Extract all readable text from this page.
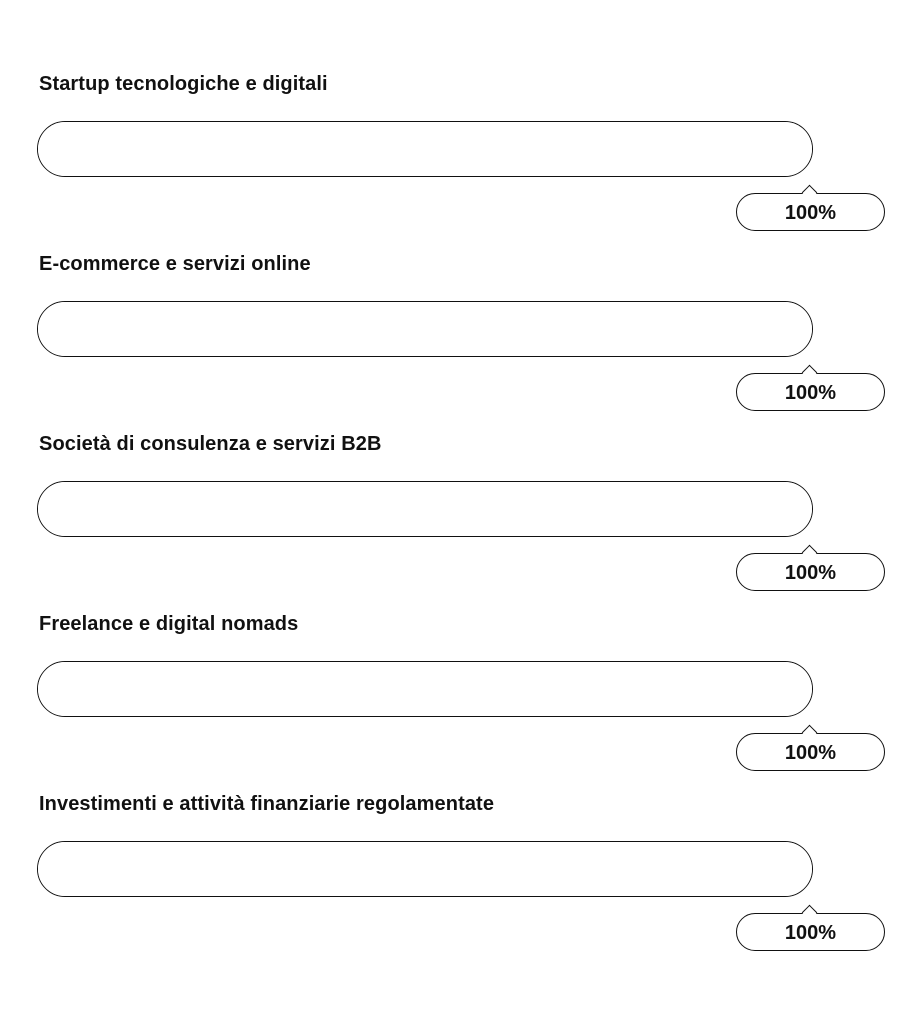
Startup tecnologiche e digitali
100%
E-commerce e servizi online
100%
Società di consulenza e servizi B2B
100%
Freelance e digital nomads
100%
Investimenti e attività finanziarie regolamentate
100%
